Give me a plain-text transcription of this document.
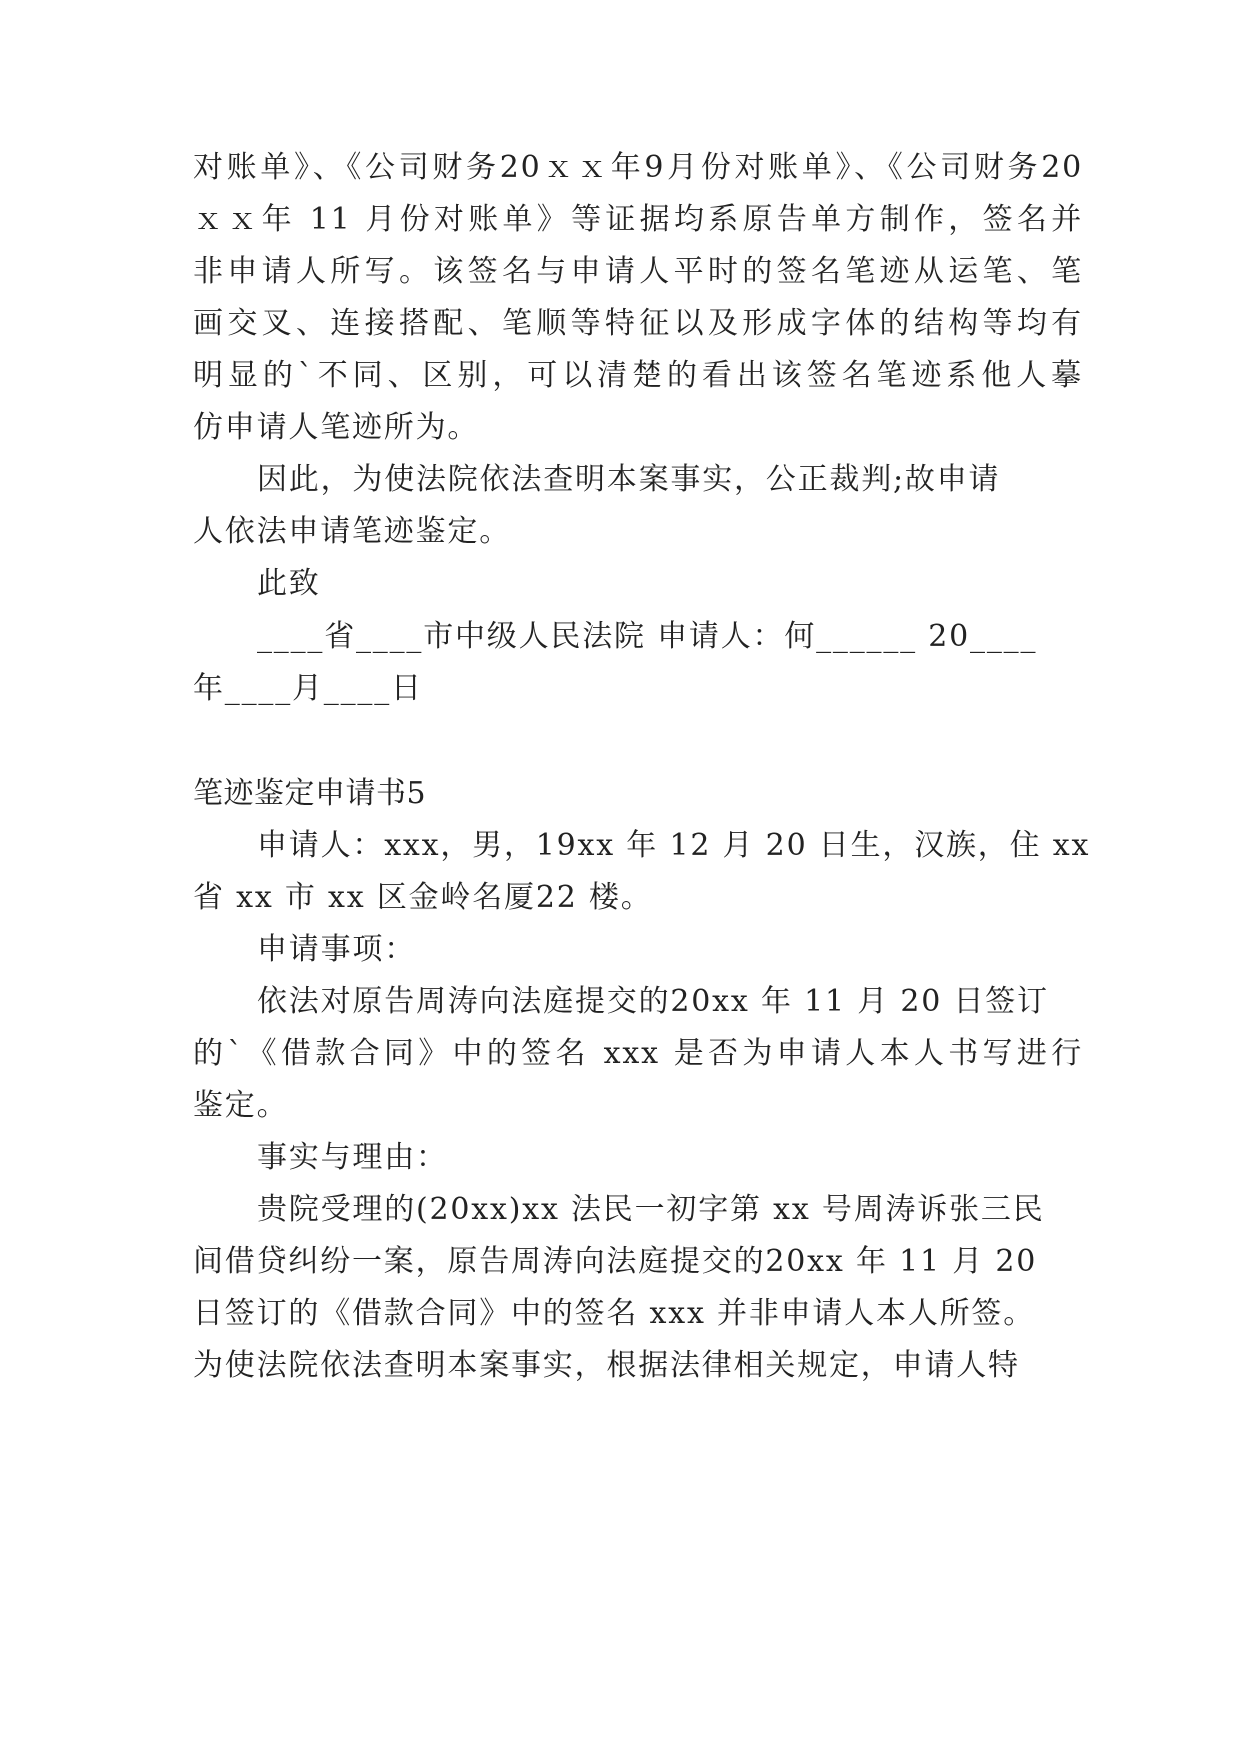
对账单》、《公司财务20ｘｘ年9月份对账单》、《公司财务20
ｘｘ年 11 月份对账单》等证据均系原告单方制作，签名并
非申请人所写。该签名与申请人平时的签名笔迹从运笔、笔
画交叉、连接搭配、笔顺等特征以及形成字体的结构等均有
明显的`不同、区别，可以清楚的看出该签名笔迹系他人摹
仿申请人笔迹所为。
因此，为使法院依法查明本案事实，公正裁判;故申请
人依法申请笔迹鉴定。
此致
____省____市中级人民法院 申请人：何______ 20____
年____月____日
笔迹鉴定申请书5
申请人：xxx，男，19xx 年 12 月 20 日生，汉族，住 xx
省 xx 市 xx 区金岭名厦22 楼。
申请事项：
依法对原告周涛向法庭提交的20xx 年 11 月 20 日签订
的`《借款合同》中的签名 xxx 是否为申请人本人书写进行
鉴定。
事实与理由：
贵院受理的(20xx)xx 法民一初字第 xx 号周涛诉张三民
间借贷纠纷一案，原告周涛向法庭提交的20xx 年 11 月 20
日签订的《借款合同》中的签名 xxx 并非申请人本人所签。
为使法院依法查明本案事实，根据法律相关规定，申请人特
